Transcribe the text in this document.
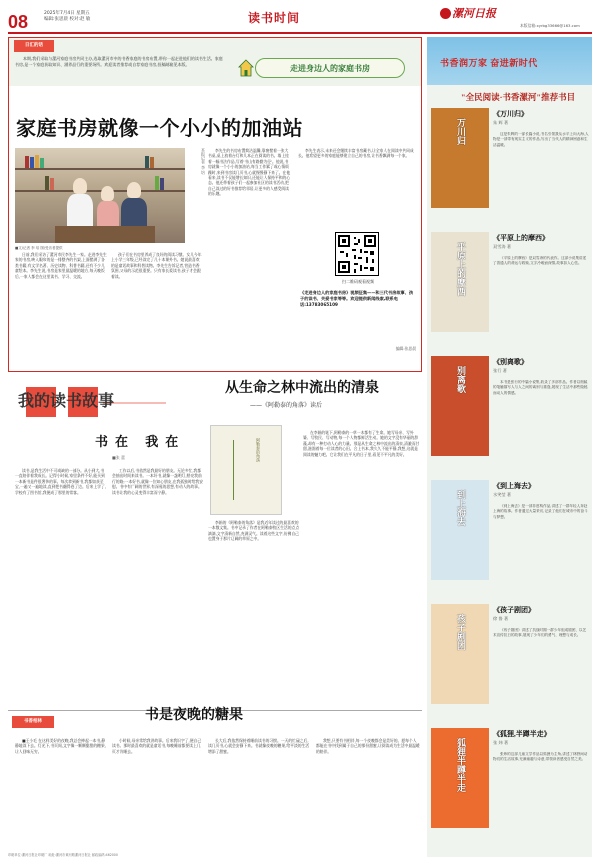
08	2025年7月4日 星期五
编辑:张思晨 校对:赵 敏	读书时间	漯河日报
本版信箱:xyrbg33666@163.com
日汇的话
本期,我们采取与漯河家庭书房共同主办,选取漯河市中的书香家庭的书房布置,带你一起走进他们的读书生活。家庭书房,是一个家庭获取知识、涵养品行的重要场所。欢迎读者推荐或自荐家庭书房,投稿邮箱见本版。	走进身边人的家庭书房
家庭书房就像一个小小的加油站
■文/记者 李 培 图/受访者提供
本报记者 李 培

日前,我们采访了漯河市民李先生一家。走进李先生家的书房,映入眼帘的是一排整齐的书架,上面摆满了各类书籍,有文学名著、历史读物、科普书籍,还有不少儿童绘本。李先生说,书房是家里最温暖的地方,每天晚饭后,一家人都会在这里读书、学习、交流。

孩子们在书房里养成了良好的阅读习惯。女儿今年上小学三年级,已经读完了几十本课外书。她说最喜欢的是童话故事和科普读物。李先生告诉记者,营造书香氛围,父母的示范很重要。只有家长爱读书,孩子才会跟着读。

李先生的书房布置简洁温馨,靠窗摆着一张大书桌,桌上放着台灯和几本正在阅读的书。墙上挂着一幅书法作品,写着'书山有路勤为径'。他说,书房就像一个小小的加油站,每当工作累了或心情烦躁时,来到书房读几页书,心就慢慢静下来了。在他看来,读书不仅能增长知识,还能让人保持平和的心态。他还带着孩子们一起参加社区的读书活动,把自己读过的好书推荐给邻居,让更多的人感受阅读的乐趣。

李先生表示,未来还会继续丰富书房藏书,让全家人在阅读中共同成长。他希望更多的家庭能够建立自己的书房,让书香飘满每一个家。

扫二维码观看视频
《走进身边人的家庭书房》视频征集——和三代书房故事、孩子的读书、关爱书家等等。欢迎提供新闻线索,联系电话:13783065109
编辑:张思晨
书香润万家 奋进新时代
"全民阅读·书香漯河"推荐书目
万川归
《万川归》
朱 辉 著
这是朱辉的一部长篇小说,书名引领我从水平上向大海,人物是一部带有现实主义的作品,写出了当代人的精神困惑和生活温暖。
平原上的摩西
《平原上的摩西》
双雪涛 著
《平原上的摩西》是双雪涛的代表作。这部小说集讲述了普通人的命运与救赎,文字冷峻而深情,故事扣人心弦。
别离歌
《别离歌》
张行 著
本书是张行的中篇小说集,收录了多部作品。作者以细腻的笔触描写人与人之间的离别与重逢,展现了生活中那些隐秘而动人的情感。
到上海去
《到上海去》
水笑莹 著
《到上海去》是一部非虚构作品,讲述了一群年轻人奔赴上海的故事。作者通过大量采访,记录了他们在城市中的奋斗与梦想。
孩子剧团
《孩子剧团》
徐 鲁 著
《孩子剧团》讲述了抗战时期一群少年组成剧团、以艺术宣传抗日的故事,展现了少年们的勇气、理想与成长。
狐狸半蹲半走
《狐狸,半蹲半走》
张 炜 著
张炜的这部儿童文学作品以狐狸为主角,讲述了林野间动物们的生活故事,充满童趣与诗意,带领读者感受自然之美。
我的读书故事
从生命之林中流出的清泉
——《阿勒泰的角落》读后
书在 我在
■张 蕾	阿勒泰的角落

读书,是我生活中不可或缺的一部分。从小到大,书一直陪伴着我成长。记得小时候,家里条件不好,能买到一本新书是件很奢侈的事。每次拿到新书,我都如获至宝,一遍又一遍地读,直到把书翻得卷了边。后来上学了,学校有了图书馆,我便成了那里的常客。

工作以后,书依然是我最好的朋友。无论多忙,我都会抽出时间来读书。一本好书,就像一盏明灯,照亮我前行的路;一本好书,就像一位知心朋友,在我孤独时给我安慰。书中有广阔的世界,有深邃的思想,有动人的故事。读书让我的心灵变得丰富而宁静。

李娟的《阿勒泰的角落》是我近年读过的最喜欢的一本散文集。书中记录了作者在阿勒泰牧区生活的点点滴滴,文字清新自然,充满灵气。读着这些文字,仿佛自己也置身于那片辽阔的草原之中。

在李娟的笔下,阿勒泰的一草一木都有了生命。她写母亲、写外婆、写牧民、写动物,每一个人物都鲜活生动。她的文字没有华丽的辞藻,却有一种打动人心的力量。那是从生命之林中流出的清泉,清澈而甘甜,滋润着每一位读者的心田。合上书本,我久久不能平静,我想,这就是阅读的魅力吧。它让我们在平凡的日子里,看见不平凡的美好。

书香桔林	书是夜晚的糖果

■王小毛 在这样美好的夜晚,我总会捧起一本书,静静地读下去。灯光下,书页间,文字像一颗颗甜甜的糖果,让人回味无穷。

小时候,母亲常给我讲故事。后来我识字了,便自己读书。那时最喜欢的就是童话书,每晚睡前都要读上几页才肯睡去。

长大后,我依然保持着睡前读书的习惯。一天的忙碌之后,读几页书,心就会安静下来。书就像夜晚的糖果,给平淡的生活增添了甜蜜。

我想,只要有书相伴,每一个夜晚都会是美好的。愿每个人都能在书中找到属于自己的那份甜蜜,让阅读成为生活中最温暖的陪伴。

印刷单位:漯河日报社印刷厂 地址:漯河市黄河路漯河日报社 邮政编码:462000
